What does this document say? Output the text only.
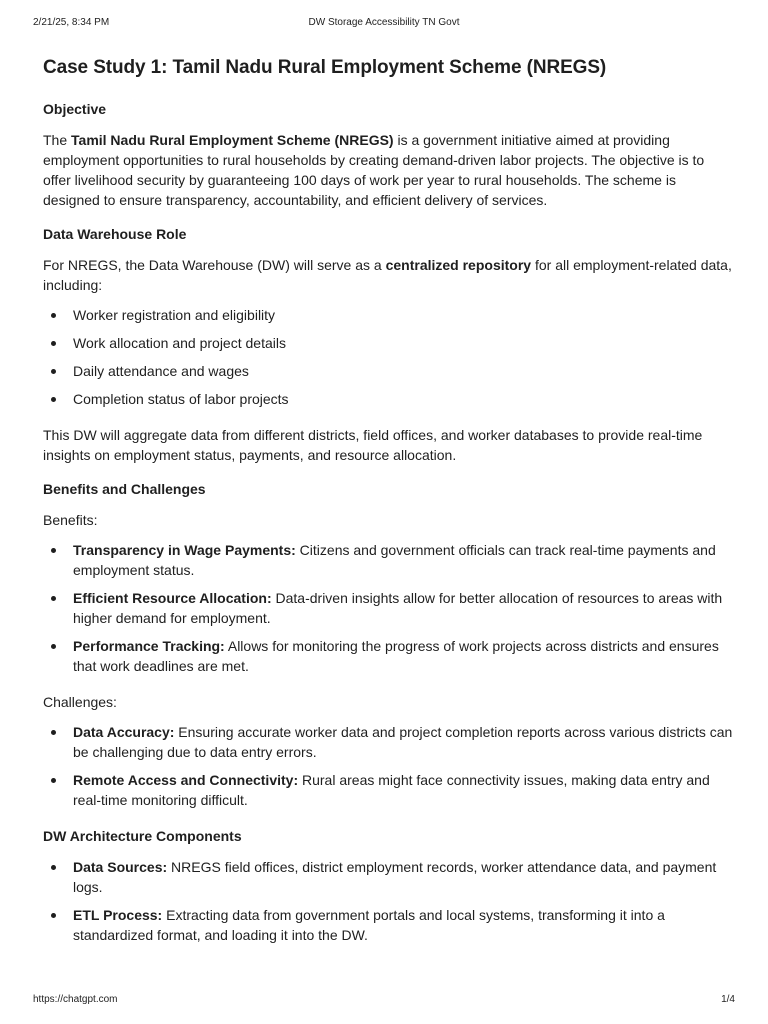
2/21/25, 8:34 PM	DW Storage Accessibility TN Govt
Case Study 1: Tamil Nadu Rural Employment Scheme (NREGS)
Objective

The Tamil Nadu Rural Employment Scheme (NREGS) is a government initiative aimed at providing employment opportunities to rural households by creating demand-driven labor projects. The objective is to offer livelihood security by guaranteeing 100 days of work per year to rural households. The scheme is designed to ensure transparency, accountability, and efficient delivery of services.

Data Warehouse Role

For NREGS, the Data Warehouse (DW) will serve as a centralized repository for all employment-related data, including:

Worker registration and eligibility
Work allocation and project details
Daily attendance and wages
Completion status of labor projects

This DW will aggregate data from different districts, field offices, and worker databases to provide real-time insights on employment status, payments, and resource allocation.

Benefits and Challenges

Benefits:

Transparency in Wage Payments: Citizens and government officials can track real-time payments and employment status.
Efficient Resource Allocation: Data-driven insights allow for better allocation of resources to areas with higher demand for employment.
Performance Tracking: Allows for monitoring the progress of work projects across districts and ensures that work deadlines are met.

Challenges:

Data Accuracy: Ensuring accurate worker data and project completion reports across various districts can be challenging due to data entry errors.
Remote Access and Connectivity: Rural areas might face connectivity issues, making data entry and real-time monitoring difficult.
DW Architecture Components
Data Sources: NREGS field offices, district employment records, worker attendance data, and payment logs.
ETL Process: Extracting data from government portals and local systems, transforming it into a standardized format, and loading it into the DW.
https://chatgpt.com	1/4
